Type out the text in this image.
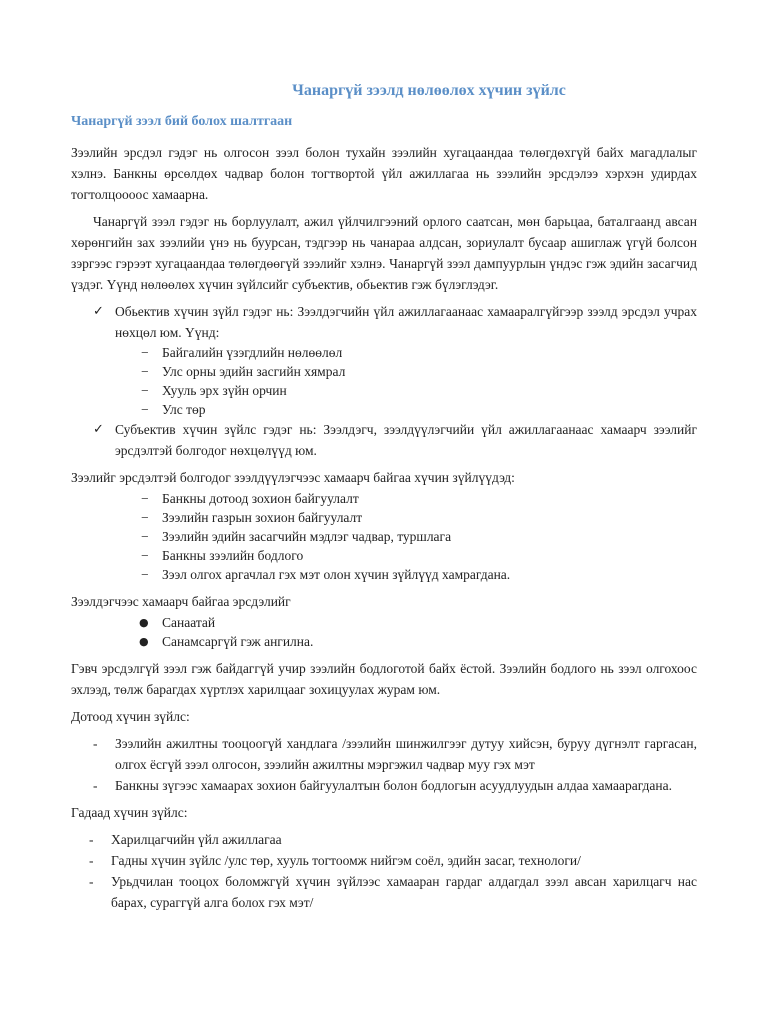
Чанаргүй зээлд нөлөөлөх хүчин зүйлс
Чанаргүй зээл бий болох шалтгаан

Зээлийн эрсдэл гэдэг нь олгосон зээл болон тухайн зээлийн хугацаандаа төлөгдөхгүй байх магадлалыг хэлнэ. Банкны өрсөлдөх чадвар болон тогтвортой үйл ажиллагаа нь зээлийн эрсдэлээ хэрхэн удирдах тогтолцоооос хамаарна.

Чанаргүй зээл гэдэг нь борлуулалт, ажил үйлчилгээний орлого саатсан, мөн барьцаа, баталгаанд авсан хөрөнгийн зах зээлийи үнэ нь буурсан, тэдгээр нь чанараа алдсан, зориулалт бусаар ашиглаж үгүй болсон зэргээс гэрээт хугацаандаа төлөгдөөгүй зээлийг хэлнэ. Чанаргүй зээл дампуурлын үндэс гэж эдийн засагчид үздэг. Үүнд нөлөөлөх хүчин зүйлсийг субъектив, обьектив гэж бүлэглэдэг.

✓ Обьектив хүчин зүйл гэдэг нь: Зээлдэгчийн үйл ажиллагаанаас хамааралгүйгээр зээлд эрсдэл учрах нөхцөл юм. Үүнд:
− Байгалийн үзэгдлийн нөлөөлөл
− Улс орны эдийн засгийн хямрал
− Хууль эрх зүйн орчин
− Улс төр
✓ Субъектив хүчин зүйлс гэдэг нь: Зээлдэгч, зээлдүүлэгчийи үйл ажиллагаанаас хамаарч зээлийг эрсдэлтэй болгодог нөхцөлүүд юм.

Зээлийг эрсдэлтэй болгодог зээлдүүлэгчээс хамаарч байгаа хүчин зүйлүүдэд:

− Банкны дотоод зохион байгуулалт
− Зээлийн газрын зохион байгуулалт
− Зээлийн эдийн засагчийн мэдлэг чадвар, туршлага
− Банкны зээлийн бодлого
− Зээл олгох аргачлал гэх мэт олон хүчин зүйлүүд хамрагдана.

Зээлдэгчээс хамаарч байгаа эрсдэлийг

● Санаатай
● Санамсаргүй гэж ангилна.

Гэвч эрсдэлгүй зээл гэж байдаггүй учир зээлийн бодлоготой байх ёстой. Зээлийн бодлого нь зээл олгохоос эхлээд, төлж барагдах хүртлэх харилцааг зохицуулах журам юм.

Дотоод хүчин зүйлс:

- Зээлийн ажилтны тооцоогүй хандлага /зээлийн шинжилгээг дутуу хийсэн, буруу дүгнэлт гаргасан, олгох ёсгүй зээл олгосон, зээлийн ажилтны мэргэжил чадвар муу гэх мэт
- Банкны зүгээс хамаарах зохион байгуулалтын болон бодлогын асуудлуудын алдаа хамаарагдана.

Гадаад хүчин зүйлс:

- Харилцагчийн үйл ажиллагаа
- Гадны хүчин зүйлс /улс төр, хууль тогтоомж нийгэм соёл, эдийн засаг, технологи/
- Урьдчилан тооцох боломжгүй хүчин зүйлээс хамааран гардаг алдагдал зээл авсан харилцагч нас барах, сураггүй алга болох гэх мэт/
